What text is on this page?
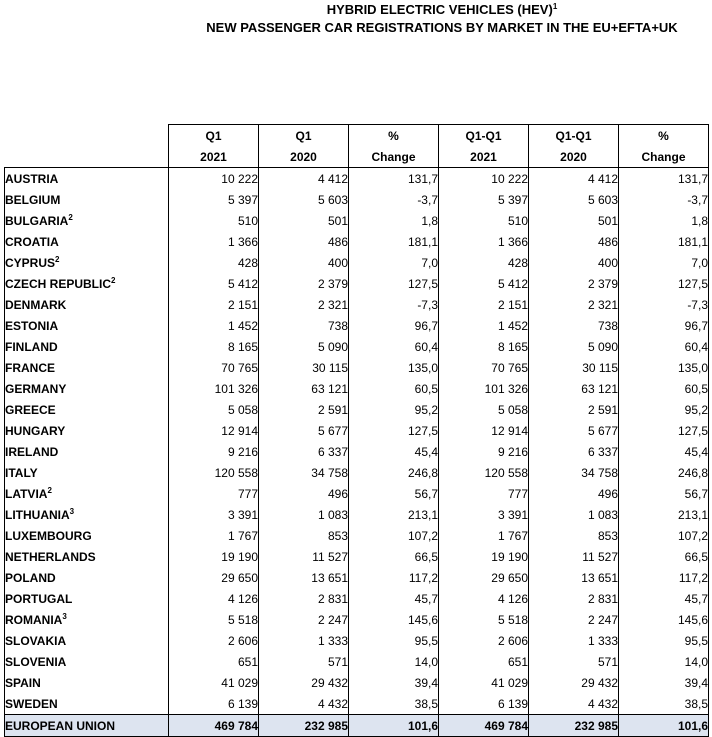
HYBRID ELECTRIC VEHICLES (HEV)$^1$
NEW PASSENGER CAR REGISTRATIONS BY MARKET IN THE EU+EFTA+UK
	Q1	Q1	%	Q1-Q1	Q1-Q1	%
	2021	2020	Change	2021	2020	Change
AUSTRIA	10 222	4 412	131,7	10 222	4 412	131,7
BELGIUM	5 397	5 603	-3,7	5 397	5 603	-3,7
BULGARIA$^2$	510	501	1,8	510	501	1,8
CROATIA	1 366	486	181,1	1 366	486	181,1
CYPRUS$^2$	428	400	7,0	428	400	7,0
CZECH REPUBLIC$^2$	5 412	2 379	127,5	5 412	2 379	127,5
DENMARK	2 151	2 321	-7,3	2 151	2 321	-7,3
ESTONIA	1 452	738	96,7	1 452	738	96,7
FINLAND	8 165	5 090	60,4	8 165	5 090	60,4
FRANCE	70 765	30 115	135,0	70 765	30 115	135,0
GERMANY	101 326	63 121	60,5	101 326	63 121	60,5
GREECE	5 058	2 591	95,2	5 058	2 591	95,2
HUNGARY	12 914	5 677	127,5	12 914	5 677	127,5
IRELAND	9 216	6 337	45,4	9 216	6 337	45,4
ITALY	120 558	34 758	246,8	120 558	34 758	246,8
LATVIA$^2$	777	496	56,7	777	496	56,7
LITHUANIA$^3$	3 391	1 083	213,1	3 391	1 083	213,1
LUXEMBOURG	1 767	853	107,2	1 767	853	107,2
NETHERLANDS	19 190	11 527	66,5	19 190	11 527	66,5
POLAND	29 650	13 651	117,2	29 650	13 651	117,2
PORTUGAL	4 126	2 831	45,7	4 126	2 831	45,7
ROMANIA$^3$	5 518	2 247	145,6	5 518	2 247	145,6
SLOVAKIA	2 606	1 333	95,5	2 606	1 333	95,5
SLOVENIA	651	571	14,0	651	571	14,0
SPAIN	41 029	29 432	39,4	41 029	29 432	39,4
SWEDEN	6 139	4 432	38,5	6 139	4 432	38,5
EUROPEAN UNION	469 784	232 985	101,6	469 784	232 985	101,6
